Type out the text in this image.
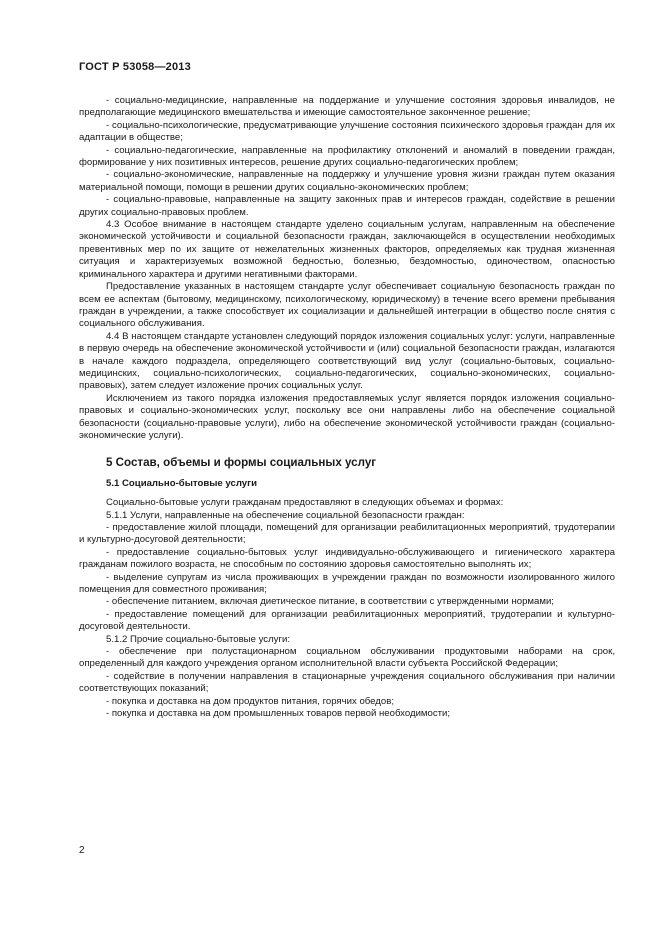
ГОСТ Р 53058—2013

- социально-медицинские, направленные на поддержание и улучшение состояния здоровья инвалидов, не предполагающие медицинского вмешательства и имеющие самостоятельное законченное решение;

- социально-психологические, предусматривающие улучшение состояния психического здоровья граждан для их адаптации в обществе;

- социально-педагогические, направленные на профилактику отклонений и аномалий в поведении граждан, формирование у них позитивных интересов, решение других социально-педагогических проблем;

- социально-экономические, направленные на поддержку и улучшение уровня жизни граждан путем оказания материальной помощи, помощи в решении других социально-экономических проблем;

- социально-правовые, направленные на защиту законных прав и интересов граждан, содействие в решении других социально-правовых проблем.

4.3 Особое внимание в настоящем стандарте уделено социальным услугам, направленным на обеспечение экономической устойчивости и социальной безопасности граждан, заключающейся в осуществлении необходимых превентивных мер по их защите от нежелательных жизненных факторов, определяемых как трудная жизненная ситуация и характеризуемых возможной бедностью, болезнью, бездомностью, одиночеством, опасностью криминального характера и другими негативными факторами.

Предоставление указанных в настоящем стандарте услуг обеспечивает социальную безопасность граждан по всем ее аспектам (бытовому, медицинскому, психологическому, юридическому) в течение всего времени пребывания граждан в учреждении, а также способствует их социализации и дальнейшей интеграции в общество после снятия с социального обслуживания.

4.4 В настоящем стандарте установлен следующий порядок изложения социальных услуг: услуги, направленные в первую очередь на обеспечение экономической устойчивости и (или) социальной безопасности граждан, излагаются в начале каждого подраздела, определяющего соответствующий вид услуг (социально-бытовых, социально-медицинских, социально-психологических, социально-педагогических, социально-экономических, социально-правовых), затем следует изложение прочих социальных услуг.

Исключением из такого порядка изложения предоставляемых услуг является порядок изложения социально-правовых и социально-экономических услуг, поскольку все они направлены либо на обеспечение социальной безопасности (социально-правовые услуги), либо на обеспечение экономической устойчивости граждан (социально-экономические услуги).

5 Состав, объемы и формы социальных услуг
5.1 Социально-бытовые услуги

Социально-бытовые услуги гражданам предоставляют в следующих объемах и формах:

5.1.1 Услуги, направленные на обеспечение социальной безопасности граждан:

- предоставление жилой площади, помещений для организации реабилитационных мероприятий, трудотерапии и культурно-досуговой деятельности;

- предоставление социально-бытовых услуг индивидуально-обслуживающего и гигиенического характера гражданам пожилого возраста, не способным по состоянию здоровья самостоятельно выполнять их;

- выделение супругам из числа проживающих в учреждении граждан по возможности изолированного жилого помещения для совместного проживания;

- обеспечение питанием, включая диетическое питание, в соответствии с утвержденными нормами;

- предоставление помещений для организации реабилитационных мероприятий, трудотерапии и культурно-досуговой деятельности.

5.1.2 Прочие социально-бытовые услуги:

- обеспечение при полустационарном социальном обслуживании продуктовыми наборами на срок, определенный для каждого учреждения органом исполнительной власти субъекта Российской Федерации;

- содействие в получении направления в стационарные учреждения социального обслуживания при наличии соответствующих показаний;

- покупка и доставка на дом продуктов питания, горячих обедов;

- покупка и доставка на дом промышленных товаров первой необходимости;

2
